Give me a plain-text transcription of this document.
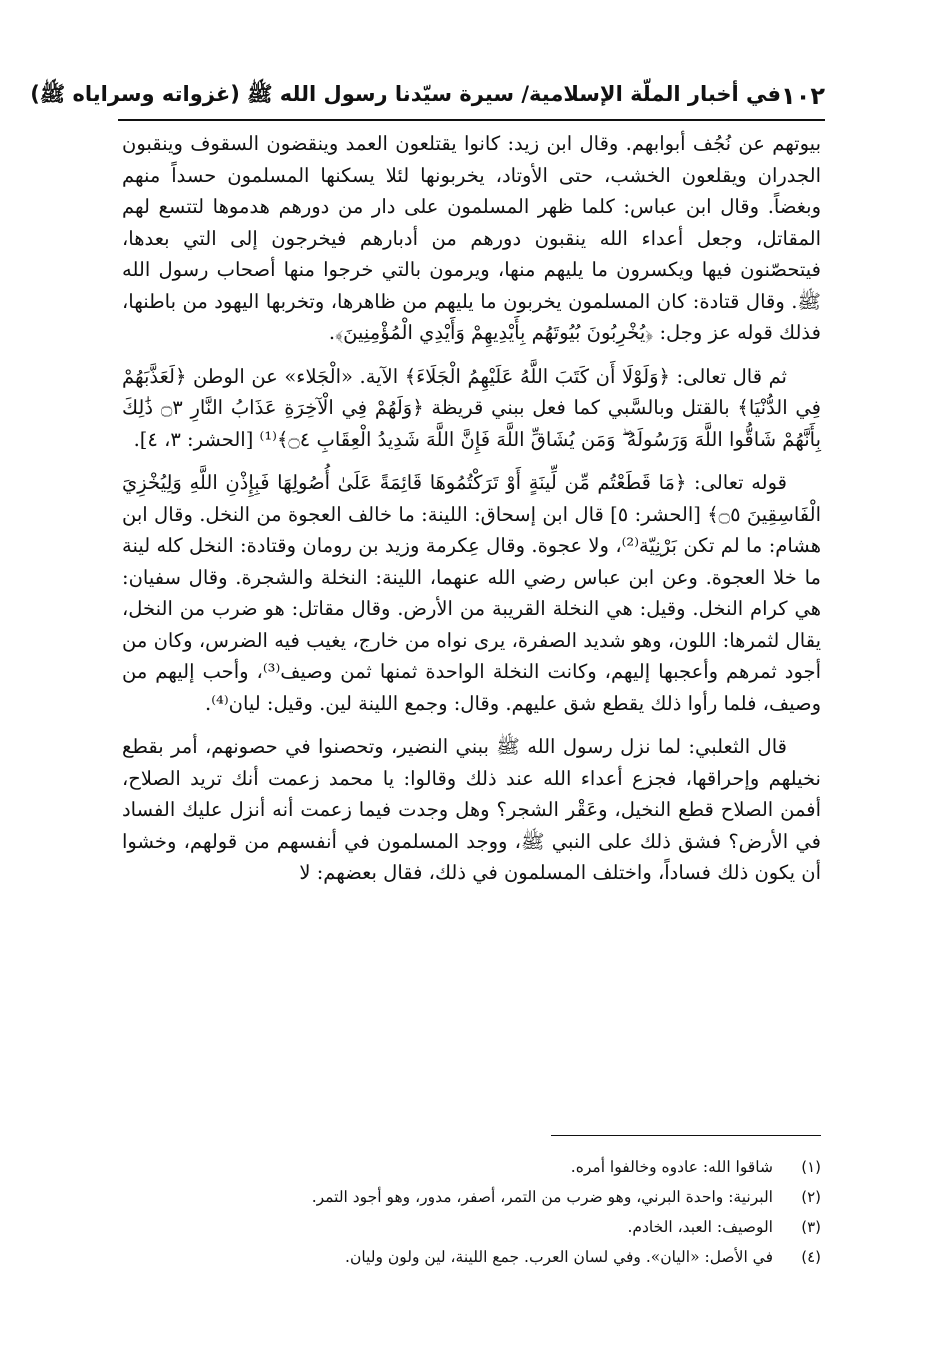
١٠٢
في أخبار الملّة الإسلامية/ سيرة سيّدنا رسول الله ﷺ (غزواته وسراياه ﷺ)

بيوتهم عن نُجُف أبوابهم. وقال ابن زيد: كانوا يقتلعون العمد وينقضون السقوف وينقبون الجدران ويقلعون الخشب، حتى الأوتاد، يخربونها لئلا يسكنها المسلمون حسداً منهم وبغضاً. وقال ابن عباس: كلما ظهر المسلمون على دار من دورهم هدموها لتتسع لهم المقاتل، وجعل أعداء الله ينقبون دورهم من أدبارهم فيخرجون إلى التي بعدها، فيتحصّنون فيها ويكسرون ما يليهم منها، ويرمون بالتي خرجوا منها أصحاب رسول الله ﷺ. وقال قتادة: كان المسلمون يخربون ما يليهم من ظاهرها، وتخربها اليهود من باطنها، فذلك قوله عز وجل: ﴿يُخْرِبُونَ بُيُوتَهُم بِأَيْدِيهِمْ وَأَيْدِي الْمُؤْمِنِينَ﴾.

ثم قال تعالى: ﴿وَلَوْلَا أَن كَتَبَ اللَّهُ عَلَيْهِمُ الْجَلَاءَ﴾ الآية. «الْجَلاء» عن الوطن ﴿لَعَذَّبَهُمْ فِي الدُّنْيَا﴾ بالقتل وبالسَّبي كما فعل ببني قريظة ﴿وَلَهُمْ فِي الْآخِرَةِ عَذَابُ النَّارِ ۝٣ ذَٰلِكَ بِأَنَّهُمْ شَاقُّوا اللَّهَ وَرَسُولَهُ ۖ وَمَن يُشَاقِّ اللَّهَ فَإِنَّ اللَّهَ شَدِيدُ الْعِقَابِ ۝٤﴾⁽¹⁾ [الحشر: ٣، ٤].

قوله تعالى: ﴿مَا قَطَعْتُم مِّن لِّينَةٍ أَوْ تَرَكْتُمُوهَا قَائِمَةً عَلَىٰ أُصُولِهَا فَبِإِذْنِ اللَّهِ وَلِيُخْزِيَ الْفَاسِقِينَ ۝٥﴾ [الحشر: ٥] قال ابن إسحاق: اللينة: ما خالف العجوة من النخل. وقال ابن هشام: ما لم تكن بَرْنِيّة⁽²⁾، ولا عجوة. وقال عِكرمة وزيد بن رومان وقتادة: النخل كله لينة ما خلا العجوة. وعن ابن عباس رضي الله عنهما، اللينة: النخلة والشجرة. وقال سفيان: هي كرام النخل. وقيل: هي النخلة القريبة من الأرض. وقال مقاتل: هو ضرب من النخل، يقال لثمرها: اللون، وهو شديد الصفرة، يرى نواه من خارج، يغيب فيه الضرس، وكان من أجود ثمرهم وأعجبها إليهم، وكانت النخلة الواحدة ثمنها ثمن وصيف⁽³⁾، وأحب إليهم من وصيف، فلما رأوا ذلك يقطع شق عليهم. وقال: وجمع اللينة لين. وقيل: ليان⁽⁴⁾.

قال الثعلبي: لما نزل رسول الله ﷺ ببني النضير، وتحصنوا في حصونهم، أمر بقطع نخيلهم وإحراقها، فجزع أعداء الله عند ذلك وقالوا: يا محمد زعمت أنك تريد الصلاح، أفمن الصلاح قطع النخيل، وعَقْر الشجر؟ وهل وجدت فيما زعمت أنه أنزل عليك الفساد في الأرض؟ فشق ذلك على النبي ﷺ، ووجد المسلمون في أنفسهم من قولهم، وخشوا أن يكون ذلك فساداً، واختلف المسلمون في ذلك، فقال بعضهم: لا

(١)
شاقوا الله: عادوه وخالفوا أمره.
(٢)
البرنية: واحدة البرني، وهو ضرب من التمر، أصفر، مدور، وهو أجود التمر.
(٣)
الوصيف: العبد، الخادم.
(٤)
في الأصل: «اليان». وفي لسان العرب. جمع اللينة، لين ولون وليان.
